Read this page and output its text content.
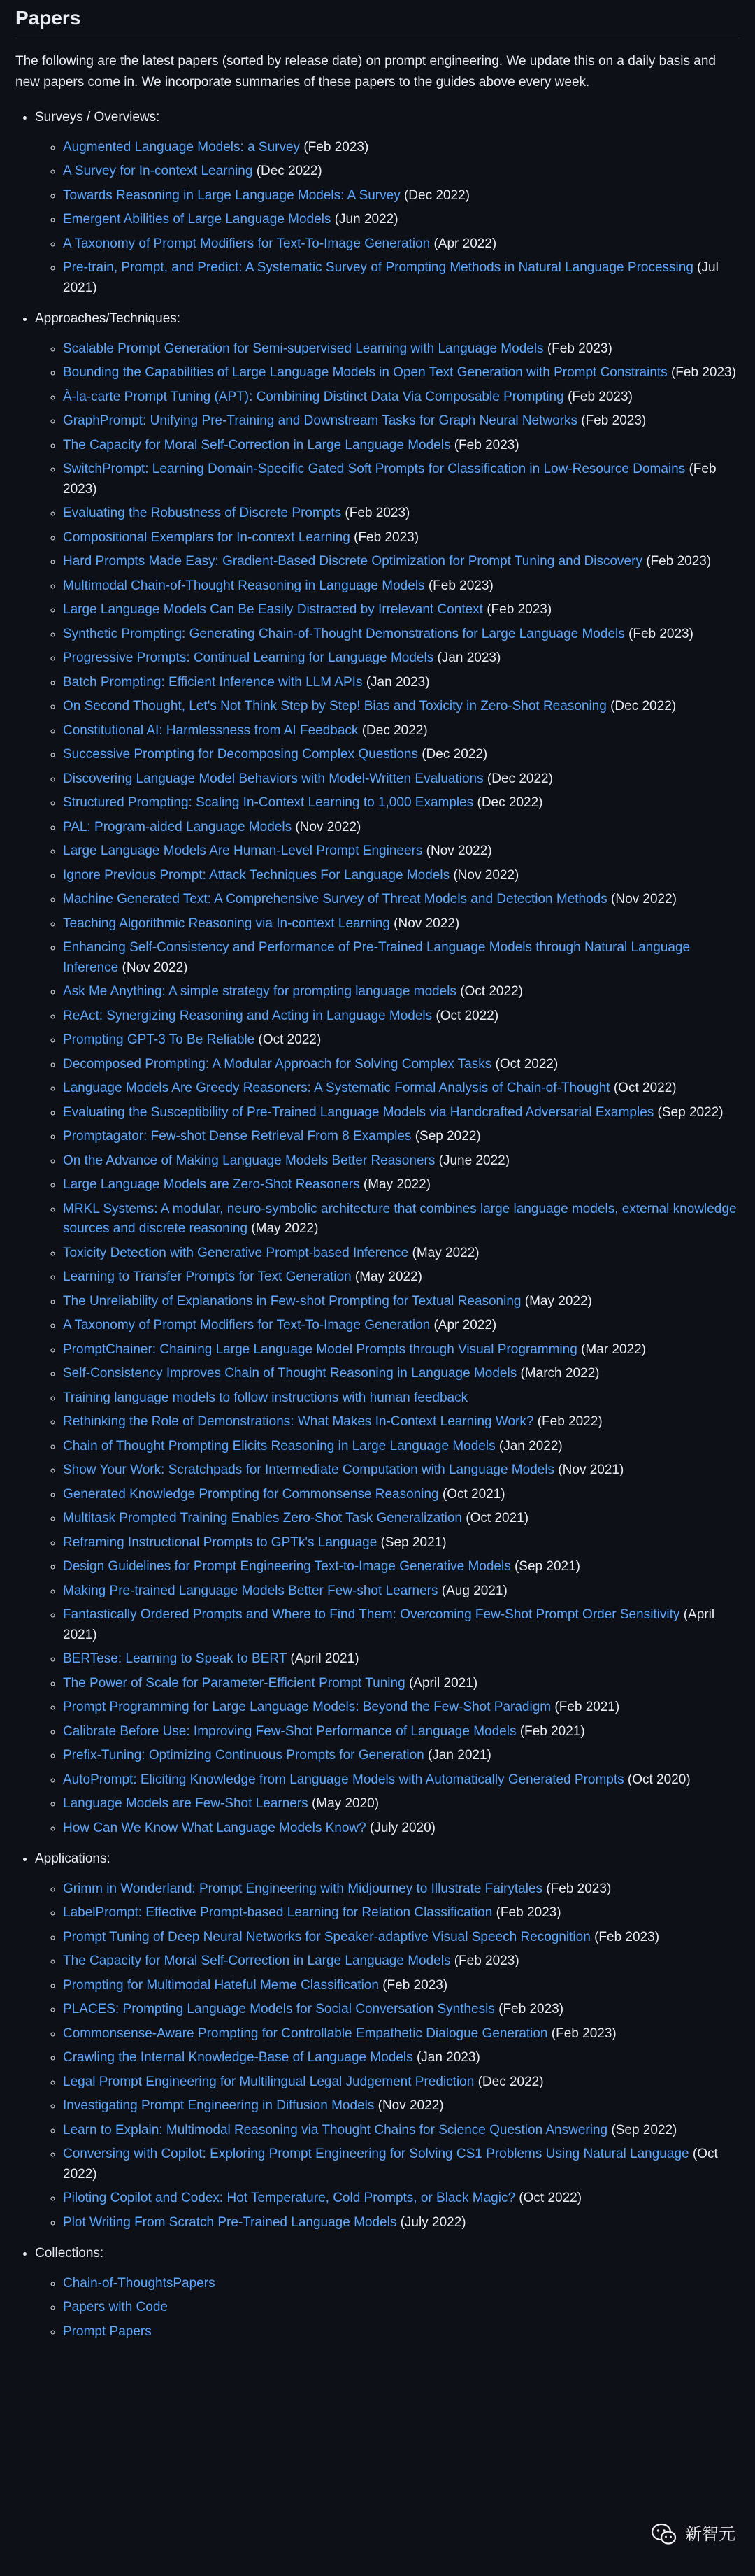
Papers

The following are the latest papers (sorted by release date) on prompt engineering. We update this on a daily basis and new papers come in. We incorporate summaries of these papers to the guides above every week.

• Surveys / Overviews:
◦ Augmented Language Models: a Survey (Feb 2023)
◦ A Survey for In-context Learning (Dec 2022)
◦ Towards Reasoning in Large Language Models: A Survey (Dec 2022)
◦ Emergent Abilities of Large Language Models (Jun 2022)
◦ A Taxonomy of Prompt Modifiers for Text-To-Image Generation (Apr 2022)
◦ Pre-train, Prompt, and Predict: A Systematic Survey of Prompting Methods in Natural Language Processing (Jul 2021)
• Approaches/Techniques:
◦ Scalable Prompt Generation for Semi-supervised Learning with Language Models (Feb 2023)
◦ Bounding the Capabilities of Large Language Models in Open Text Generation with Prompt Constraints (Feb 2023)
◦ À-la-carte Prompt Tuning (APT): Combining Distinct Data Via Composable Prompting (Feb 2023)
◦ GraphPrompt: Unifying Pre-Training and Downstream Tasks for Graph Neural Networks (Feb 2023)
◦ The Capacity for Moral Self-Correction in Large Language Models (Feb 2023)
◦ SwitchPrompt: Learning Domain-Specific Gated Soft Prompts for Classification in Low-Resource Domains (Feb 2023)
◦ Evaluating the Robustness of Discrete Prompts (Feb 2023)
◦ Compositional Exemplars for In-context Learning (Feb 2023)
◦ Hard Prompts Made Easy: Gradient-Based Discrete Optimization for Prompt Tuning and Discovery (Feb 2023)
◦ Multimodal Chain-of-Thought Reasoning in Language Models (Feb 2023)
◦ Large Language Models Can Be Easily Distracted by Irrelevant Context (Feb 2023)
◦ Synthetic Prompting: Generating Chain-of-Thought Demonstrations for Large Language Models (Feb 2023)
◦ Progressive Prompts: Continual Learning for Language Models (Jan 2023)
◦ Batch Prompting: Efficient Inference with LLM APIs (Jan 2023)
◦ On Second Thought, Let's Not Think Step by Step! Bias and Toxicity in Zero-Shot Reasoning (Dec 2022)
◦ Constitutional AI: Harmlessness from AI Feedback (Dec 2022)
◦ Successive Prompting for Decomposing Complex Questions (Dec 2022)
◦ Discovering Language Model Behaviors with Model-Written Evaluations (Dec 2022)
◦ Structured Prompting: Scaling In-Context Learning to 1,000 Examples (Dec 2022)
◦ PAL: Program-aided Language Models (Nov 2022)
◦ Large Language Models Are Human-Level Prompt Engineers (Nov 2022)
◦ Ignore Previous Prompt: Attack Techniques For Language Models (Nov 2022)
◦ Machine Generated Text: A Comprehensive Survey of Threat Models and Detection Methods (Nov 2022)
◦ Teaching Algorithmic Reasoning via In-context Learning (Nov 2022)
◦ Enhancing Self-Consistency and Performance of Pre-Trained Language Models through Natural Language Inference (Nov 2022)
◦ Ask Me Anything: A simple strategy for prompting language models (Oct 2022)
◦ ReAct: Synergizing Reasoning and Acting in Language Models (Oct 2022)
◦ Prompting GPT-3 To Be Reliable (Oct 2022)
◦ Decomposed Prompting: A Modular Approach for Solving Complex Tasks (Oct 2022)
◦ Language Models Are Greedy Reasoners: A Systematic Formal Analysis of Chain-of-Thought (Oct 2022)
◦ Evaluating the Susceptibility of Pre-Trained Language Models via Handcrafted Adversarial Examples (Sep 2022)
◦ Promptagator: Few-shot Dense Retrieval From 8 Examples (Sep 2022)
◦ On the Advance of Making Language Models Better Reasoners (June 2022)
◦ Large Language Models are Zero-Shot Reasoners (May 2022)
◦ MRKL Systems: A modular, neuro-symbolic architecture that combines large language models, external knowledge sources and discrete reasoning (May 2022)
◦ Toxicity Detection with Generative Prompt-based Inference (May 2022)
◦ Learning to Transfer Prompts for Text Generation (May 2022)
◦ The Unreliability of Explanations in Few-shot Prompting for Textual Reasoning (May 2022)
◦ A Taxonomy of Prompt Modifiers for Text-To-Image Generation (Apr 2022)
◦ PromptChainer: Chaining Large Language Model Prompts through Visual Programming (Mar 2022)
◦ Self-Consistency Improves Chain of Thought Reasoning in Language Models (March 2022)
◦ Training language models to follow instructions with human feedback
◦ Rethinking the Role of Demonstrations: What Makes In-Context Learning Work? (Feb 2022)
◦ Chain of Thought Prompting Elicits Reasoning in Large Language Models (Jan 2022)
◦ Show Your Work: Scratchpads for Intermediate Computation with Language Models (Nov 2021)
◦ Generated Knowledge Prompting for Commonsense Reasoning (Oct 2021)
◦ Multitask Prompted Training Enables Zero-Shot Task Generalization (Oct 2021)
◦ Reframing Instructional Prompts to GPTk's Language (Sep 2021)
◦ Design Guidelines for Prompt Engineering Text-to-Image Generative Models (Sep 2021)
◦ Making Pre-trained Language Models Better Few-shot Learners (Aug 2021)
◦ Fantastically Ordered Prompts and Where to Find Them: Overcoming Few-Shot Prompt Order Sensitivity (April 2021)
◦ BERTese: Learning to Speak to BERT (April 2021)
◦ The Power of Scale for Parameter-Efficient Prompt Tuning (April 2021)
◦ Prompt Programming for Large Language Models: Beyond the Few-Shot Paradigm (Feb 2021)
◦ Calibrate Before Use: Improving Few-Shot Performance of Language Models (Feb 2021)
◦ Prefix-Tuning: Optimizing Continuous Prompts for Generation (Jan 2021)
◦ AutoPrompt: Eliciting Knowledge from Language Models with Automatically Generated Prompts (Oct 2020)
◦ Language Models are Few-Shot Learners (May 2020)
◦ How Can We Know What Language Models Know? (July 2020)
• Applications:
◦ Grimm in Wonderland: Prompt Engineering with Midjourney to Illustrate Fairytales (Feb 2023)
◦ LabelPrompt: Effective Prompt-based Learning for Relation Classification (Feb 2023)
◦ Prompt Tuning of Deep Neural Networks for Speaker-adaptive Visual Speech Recognition (Feb 2023)
◦ The Capacity for Moral Self-Correction in Large Language Models (Feb 2023)
◦ Prompting for Multimodal Hateful Meme Classification (Feb 2023)
◦ PLACES: Prompting Language Models for Social Conversation Synthesis (Feb 2023)
◦ Commonsense-Aware Prompting for Controllable Empathetic Dialogue Generation (Feb 2023)
◦ Crawling the Internal Knowledge-Base of Language Models (Jan 2023)
◦ Legal Prompt Engineering for Multilingual Legal Judgement Prediction (Dec 2022)
◦ Investigating Prompt Engineering in Diffusion Models (Nov 2022)
◦ Learn to Explain: Multimodal Reasoning via Thought Chains for Science Question Answering (Sep 2022)
◦ Conversing with Copilot: Exploring Prompt Engineering for Solving CS1 Problems Using Natural Language (Oct 2022)
◦ Piloting Copilot and Codex: Hot Temperature, Cold Prompts, or Black Magic? (Oct 2022)
◦ Plot Writing From Scratch Pre-Trained Language Models (July 2022)
• Collections:
◦ Chain-of-ThoughtsPapers
◦ Papers with Code
◦ Prompt Papers
新智元
